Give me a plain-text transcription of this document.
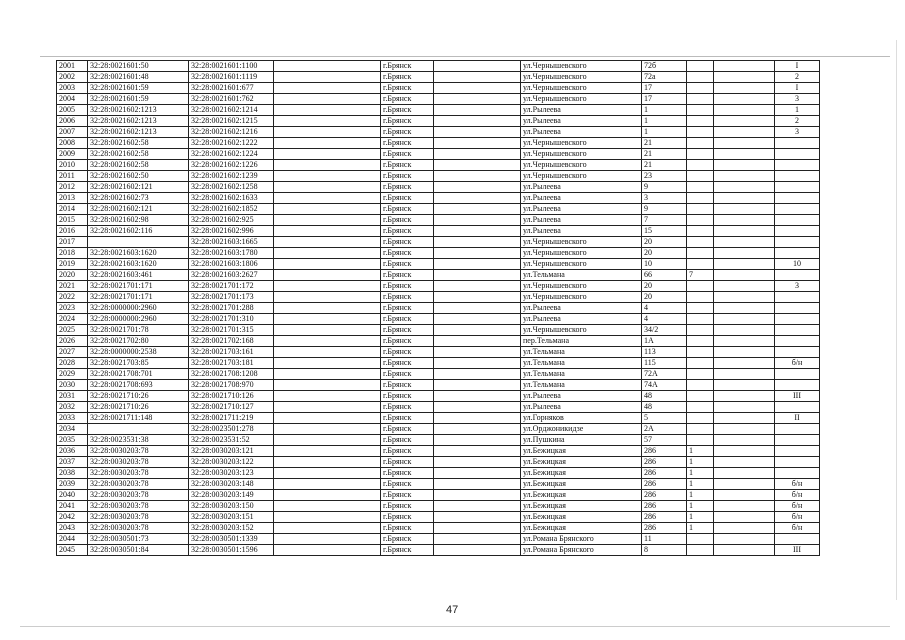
2001	32:28:0021601:50	32:28:0021601:1100		г.Брянск		ул.Чернышевского	72б			I
2002	32:28:0021601:48	32:28:0021601:1119		г.Брянск		ул.Чернышевского	72а			2
2003	32:28:0021601:59	32:28:0021601:677		г.Брянск		ул.Чернышевского	17			I
2004	32:28:0021601:59	32:28:0021601:762		г.Брянск		ул.Чернышевского	17			3
2005	32:28:0021602:1213	32:28:0021602:1214		г.Брянск		ул.Рылеева	1			1
2006	32:28:0021602:1213	32:28:0021602:1215		г.Брянск		ул.Рылеева	1			2
2007	32:28:0021602:1213	32:28:0021602:1216		г.Брянск		ул.Рылеева	1			3
2008	32:28:0021602:58	32:28:0021602:1222		г.Брянск		ул.Чернышевского	21			
2009	32:28:0021602:58	32:28:0021602:1224		г.Брянск		ул.Чернышевского	21			
2010	32:28:0021602:58	32:28:0021602:1226		г.Брянск		ул.Чернышевского	21			
2011	32:28:0021602:50	32:28:0021602:1239		г.Брянск		ул.Чернышевского	23			
2012	32:28:0021602:121	32:28:0021602:1258		г.Брянск		ул.Рылеева	9			
2013	32:28:0021602:73	32:28:0021602:1633		г.Брянск		ул.Рылеева	3			
2014	32:28:0021602:121	32:28:0021602:1852		г.Брянск		ул.Рылеева	9			
2015	32:28:0021602:98	32:28:0021602:925		г.Брянск		ул.Рылеева	7			
2016	32:28:0021602:116	32:28:0021602:996		г.Брянск		ул.Рылеева	15			
2017		32:28:0021603:1665		г.Брянск		ул.Чернышевского	20			
2018	32:28:0021603:1620	32:28:0021603:1780		г.Брянск		ул.Чернышевского	20			
2019	32:28:0021603:1620	32:28:0021603:1806		г.Брянск		ул.Чернышевского	10			10
2020	32:28:0021603:461	32:28:0021603:2627		г.Брянск		ул.Тельмана	66	7		
2021	32:28:0021701:171	32:28:0021701:172		г.Брянск		ул.Чернышевского	20			3
2022	32:28:0021701:171	32:28:0021701:173		г.Брянск		ул.Чернышевского	20			
2023	32:28:0000000:2960	32:28:0021701:288		г.Брянск		ул.Рылеева	4			
2024	32:28:0000000:2960	32:28:0021701:310		г.Брянск		ул.Рылеева	4			
2025	32:28:0021701:78	32:28:0021701:315		г.Брянск		ул.Чернышевского	34/2			
2026	32:28:0021702:80	32:28:0021702:168		г.Брянск		пер.Тельмана	1А			
2027	32:28:0000000:2538	32:28:0021703:161		г.Брянск		ул.Тельмана	113			
2028	32:28:0021703:85	32:28:0021703:181		г.Брянск		ул.Тельмана	115			б/н
2029	32:28:0021708:701	32:28:0021708:1208		г.Брянск		ул.Тельмана	72А			
2030	32:28:0021708:693	32:28:0021708:970		г.Брянск		ул.Тельмана	74А			
2031	32:28:0021710:26	32:28:0021710:126		г.Брянск		ул.Рылеева	48			III
2032	32:28:0021710:26	32:28:0021710:127		г.Брянск		ул.Рылеева	48			
2033	32:28:0021711:148	32:28:0021711:219		г.Брянск		ул.Горняков	5			II
2034		32:28:0023501:278		г.Брянск		ул.Орджоникидзе	2А			
2035	32:28:0023531:38	32:28:0023531:52		г.Брянск		ул.Пушкина	57			
2036	32:28:0030203:78	32:28:0030203:121		г.Брянск		ул.Бежицкая	286	1		
2037	32:28:0030203:78	32:28:0030203:122		г.Брянск		ул.Бежицкая	286	1		
2038	32:28:0030203:78	32:28:0030203:123		г.Брянск		ул.Бежицкая	286	1		
2039	32:28:0030203:78	32:28:0030203:148		г.Брянск		ул.Бежицкая	286	1		б/н
2040	32:28:0030203:78	32:28:0030203:149		г.Брянск		ул.Бежицкая	286	1		б/н
2041	32:28:0030203:78	32:28:0030203:150		г.Брянск		ул.Бежицкая	286	1		б/н
2042	32:28:0030203:78	32:28:0030203:151		г.Брянск		ул.Бежицкая	286	1		б/н
2043	32:28:0030203:78	32:28:0030203:152		г.Брянск		ул.Бежицкая	286	1		б/н
2044	32:28:0030501:73	32:28:0030501:1339		г.Брянск		ул.Романа Брянского	11			
2045	32:28:0030501:84	32:28:0030501:1596		г.Брянск		ул.Романа Брянского	8			III
47
